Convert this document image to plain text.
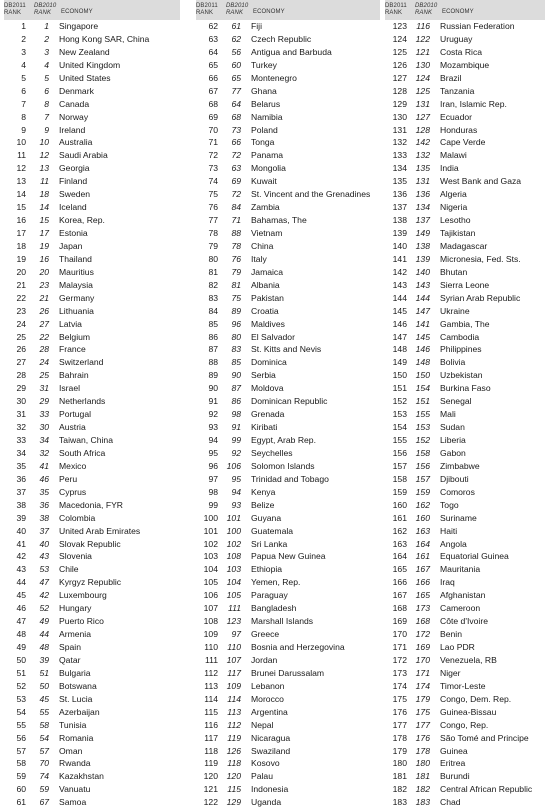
DB2011 RANK
DB2010 RANK	ECONOMY
1	1 Singapore
2	2 Hong Kong SAR, China
3	3 New Zealand
4	4 United Kingdom
5	5 United States
6	6 Denmark
7	8 Canada
8	7 Norway
9	9 Ireland
10	10 Australia
11	12 Saudi Arabia
12	13 Georgia
13	11 Finland
14	18 Sweden
15	14 Iceland
16	15 Korea, Rep.
17	17 Estonia
18	19 Japan
19	16 Thailand
20	20 Mauritius
21	23 Malaysia
22	21 Germany
23	26 Lithuania
24	27 Latvia
25	22 Belgium
26	28 France
27	24 Switzerland
28	25 Bahrain
29	31 Israel
30	29 Netherlands
31	33 Portugal
32	30 Austria
33	34 Taiwan, China
34	32 South Africa
35	41 Mexico
36	46 Peru
37	35 Cyprus
38	36 Macedonia, FYR
39	38 Colombia
40	37 United Arab Emirates
41	40 Slovak Republic
42	43 Slovenia
43	53 Chile
44	47 Kyrgyz Republic
45	42 Luxembourg
46	52 Hungary
47	49 Puerto Rico
48	44 Armenia
49	48 Spain
50	39 Qatar
51	51 Bulgaria
52	50 Botswana
53	45 St. Lucia
54	55 Azerbaijan
55	58 Tunisia
56	54 Romania
57	57 Oman
58	70 Rwanda
59	74 Kazakhstan
60	59 Vanuatu
61	67 Samoa
DB2011 RANK
DB2010 RANK	ECONOMY
62	61 Fiji
63	62 Czech Republic
64	56 Antigua and Barbuda
65	60 Turkey
66	65 Montenegro
67	77 Ghana
68	64 Belarus
69	68 Namibia
70	73 Poland
71	66 Tonga
72	72 Panama
73	63 Mongolia
74	69 Kuwait
75	72 St. Vincent and the Grenadines
76	84 Zambia
77	71 Bahamas, The
78	88 Vietnam
79	78 China
80	76 Italy
81	79 Jamaica
82	81 Albania
83	75 Pakistan
84	89 Croatia
85	96 Maldives
86	80 El Salvador
87	83 St. Kitts and Nevis
88	85 Dominica
89	90 Serbia
90	87 Moldova
91	86 Dominican Republic
92	98 Grenada
93	91 Kiribati
94	99 Egypt, Arab Rep.
95	92 Seychelles
96	106 Solomon Islands
97	95 Trinidad and Tobago
98	94 Kenya
99	93 Belize
100	101 Guyana
101	100 Guatemala
102	102 Sri Lanka
103	108 Papua New Guinea
104	103 Ethiopia
105	104 Yemen, Rep.
106	105 Paraguay
107	111 Bangladesh
108	123 Marshall Islands
109	97 Greece
110	110 Bosnia and Herzegovina
111	107 Jordan
112	117 Brunei Darussalam
113	109 Lebanon
114	114 Morocco
115	113 Argentina
116	112 Nepal
117	119 Nicaragua
118	126 Swaziland
119	118 Kosovo
120	120 Palau
121	115 Indonesia
122	129 Uganda
DB2011 RANK
DB2010 RANK	ECONOMY
123	116 Russian Federation
124	122 Uruguay
125	121 Costa Rica
126	130 Mozambique
127	124 Brazil
128	125 Tanzania
129	131 Iran, Islamic Rep.
130	127 Ecuador
131	128 Honduras
132	142 Cape Verde
133	132 Malawi
134	135 India
135	131 West Bank and Gaza
136	136 Algeria
137	134 Nigeria
138	137 Lesotho
139	149 Tajikistan
140	138 Madagascar
141	139 Micronesia, Fed. Sts.
142	140 Bhutan
143	143 Sierra Leone
144	144 Syrian Arab Republic
145	147 Ukraine
146	141 Gambia, The
147	145 Cambodia
148	146 Philippines
149	148 Bolivia
150	150 Uzbekistan
151	154 Burkina Faso
152	151 Senegal
153	155 Mali
154	153 Sudan
155	152 Liberia
156	158 Gabon
157	156 Zimbabwe
158	157 Djibouti
159	159 Comoros
160	162 Togo
161	160 Suriname
162	163 Haiti
163	164 Angola
164	161 Equatorial Guinea
165	167 Mauritania
166	166 Iraq
167	165 Afghanistan
168	173 Cameroon
169	168 Côte d'Ivoire
170	172 Benin
171	169 Lao PDR
172	170 Venezuela, RB
173	171 Niger
174	174 Timor-Leste
175	179 Congo, Dem. Rep.
176	175 Guinea-Bissau
177	177 Congo, Rep.
178	176 São Tomé and Principe
179	178 Guinea
180	180 Eritrea
181	181 Burundi
182	182 Central African Republic
183	183 Chad
